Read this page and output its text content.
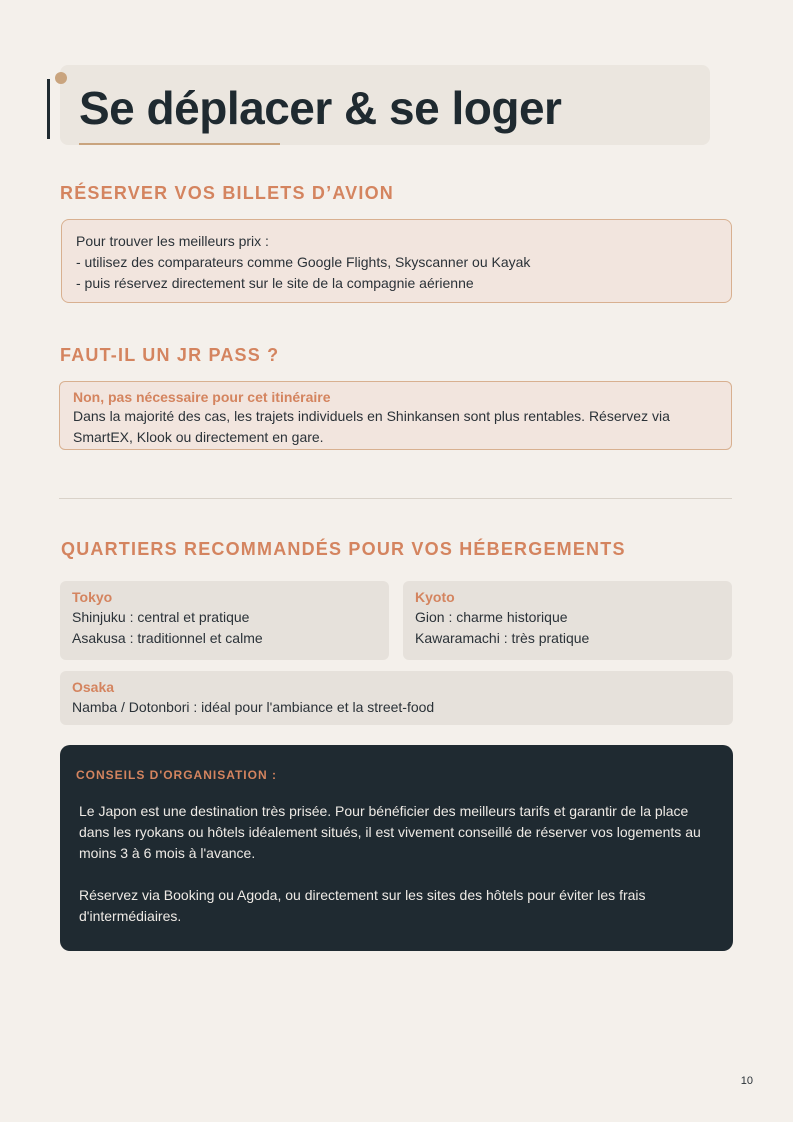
Se déplacer & se loger
RÉSERVER VOS BILLETS D’AVION
Pour trouver les meilleurs prix :
- utilisez des comparateurs comme Google Flights, Skyscanner ou Kayak
- puis réservez directement sur le site de la compagnie aérienne
FAUT-IL UN JR PASS ?
Non, pas nécessaire pour cet itinéraire
Dans la majorité des cas, les trajets individuels en Shinkansen sont plus rentables. Réservez via SmartEX, Klook ou directement en gare.
QUARTIERS RECOMMANDÉS POUR VOS HÉBERGEMENTS
Tokyo
Shinjuku : central et pratique
Asakusa : traditionnel et calme
Kyoto
Gion : charme historique
Kawaramachi : très pratique
Osaka
Namba / Dotonbori : idéal pour l'ambiance et la street-food
CONSEILS D'ORGANISATION :

Le Japon est une destination très prisée. Pour bénéficier des meilleurs tarifs et garantir de la place dans les ryokans ou hôtels idéalement situés, il est vivement conseillé de réserver vos logements au moins 3 à 6 mois à l'avance.

Réservez via Booking ou Agoda, ou directement sur les sites des hôtels pour éviter les frais d'intermédiaires.

10
